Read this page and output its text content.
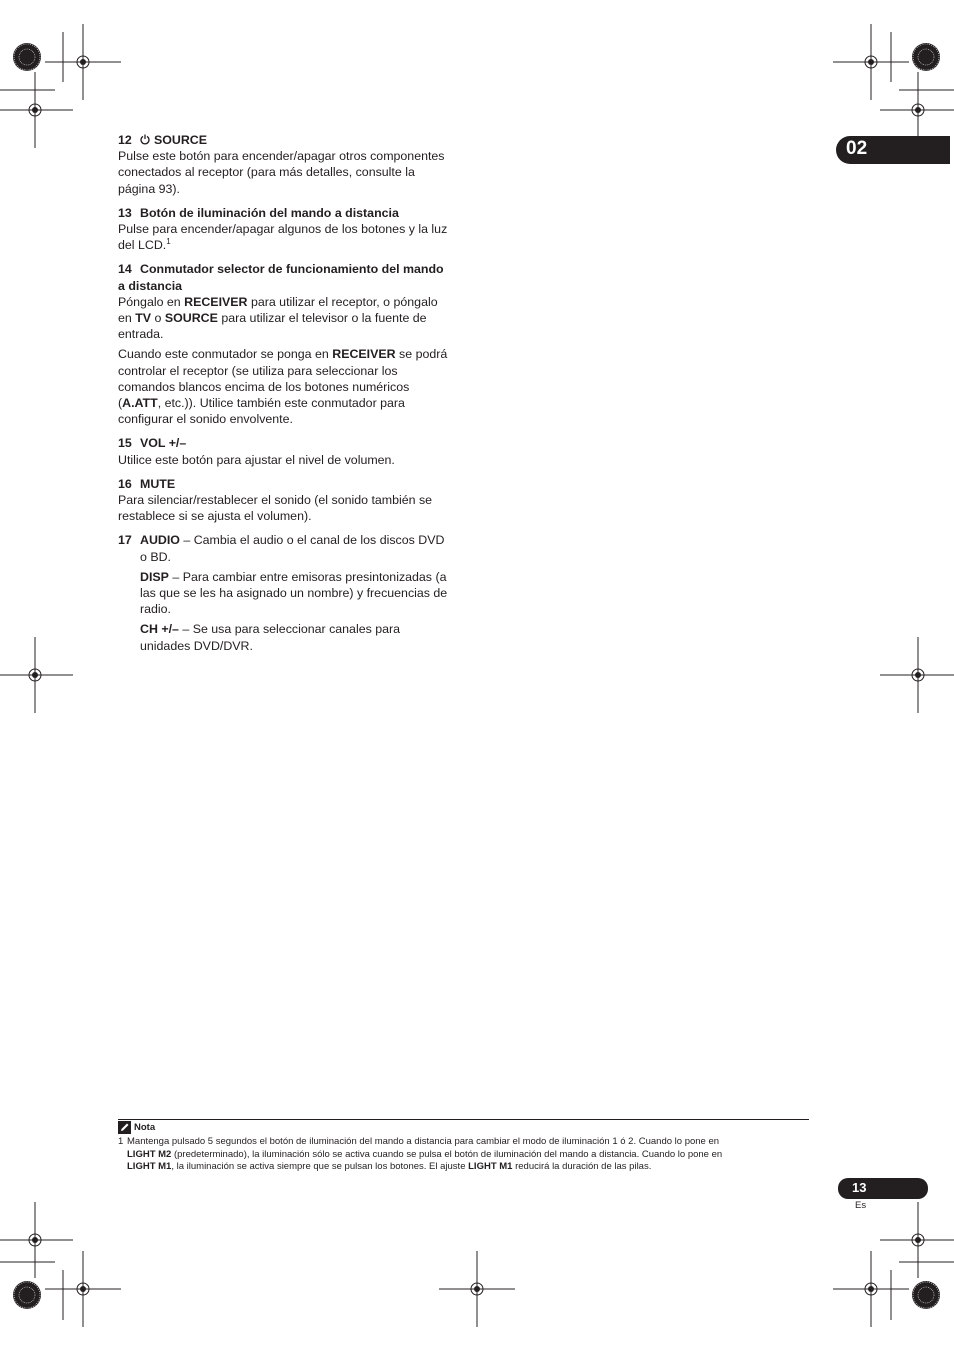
02
12 SOURCE
Pulse este botón para encender/apagar otros componentes conectados al receptor (para más detalles, consulte la página 93).
13 Botón de iluminación del mando a distancia
Pulse para encender/apagar algunos de los botones y la luz del LCD.$^1$
14 Conmutador selector de funcionamiento del mando a distancia
Póngalo en RECEIVER para utilizar el receptor, o póngalo en TV o SOURCE para utilizar el televisor o la fuente de entrada.
Cuando este conmutador se ponga en RECEIVER se podrá controlar el receptor (se utiliza para seleccionar los comandos blancos encima de los botones numéricos (A.ATT, etc.)). Utilice también este conmutador para configurar el sonido envolvente.
15 VOL +/–
Utilice este botón para ajustar el nivel de volumen.
16 MUTE
Para silenciar/restablecer el sonido (el sonido también se restablece si se ajusta el volumen).
17 AUDIO – Cambia el audio o el canal de los discos DVD o BD.
DISP – Para cambiar entre emisoras presintonizadas (a las que se les ha asignado un nombre) y frecuencias de radio.
CH +/– – Se usa para seleccionar canales para unidades DVD/DVR.
Nota
1 Mantenga pulsado 5 segundos el botón de iluminación del mando a distancia para cambiar el modo de iluminación 1 ó 2. Cuando lo pone en
LIGHT M2 (predeterminado), la iluminación sólo se activa cuando se pulsa el botón de iluminación del mando a distancia. Cuando lo pone en
LIGHT M1, la iluminación se activa siempre que se pulsan los botones. El ajuste LIGHT M1 reducirá la duración de las pilas.
13
Es
